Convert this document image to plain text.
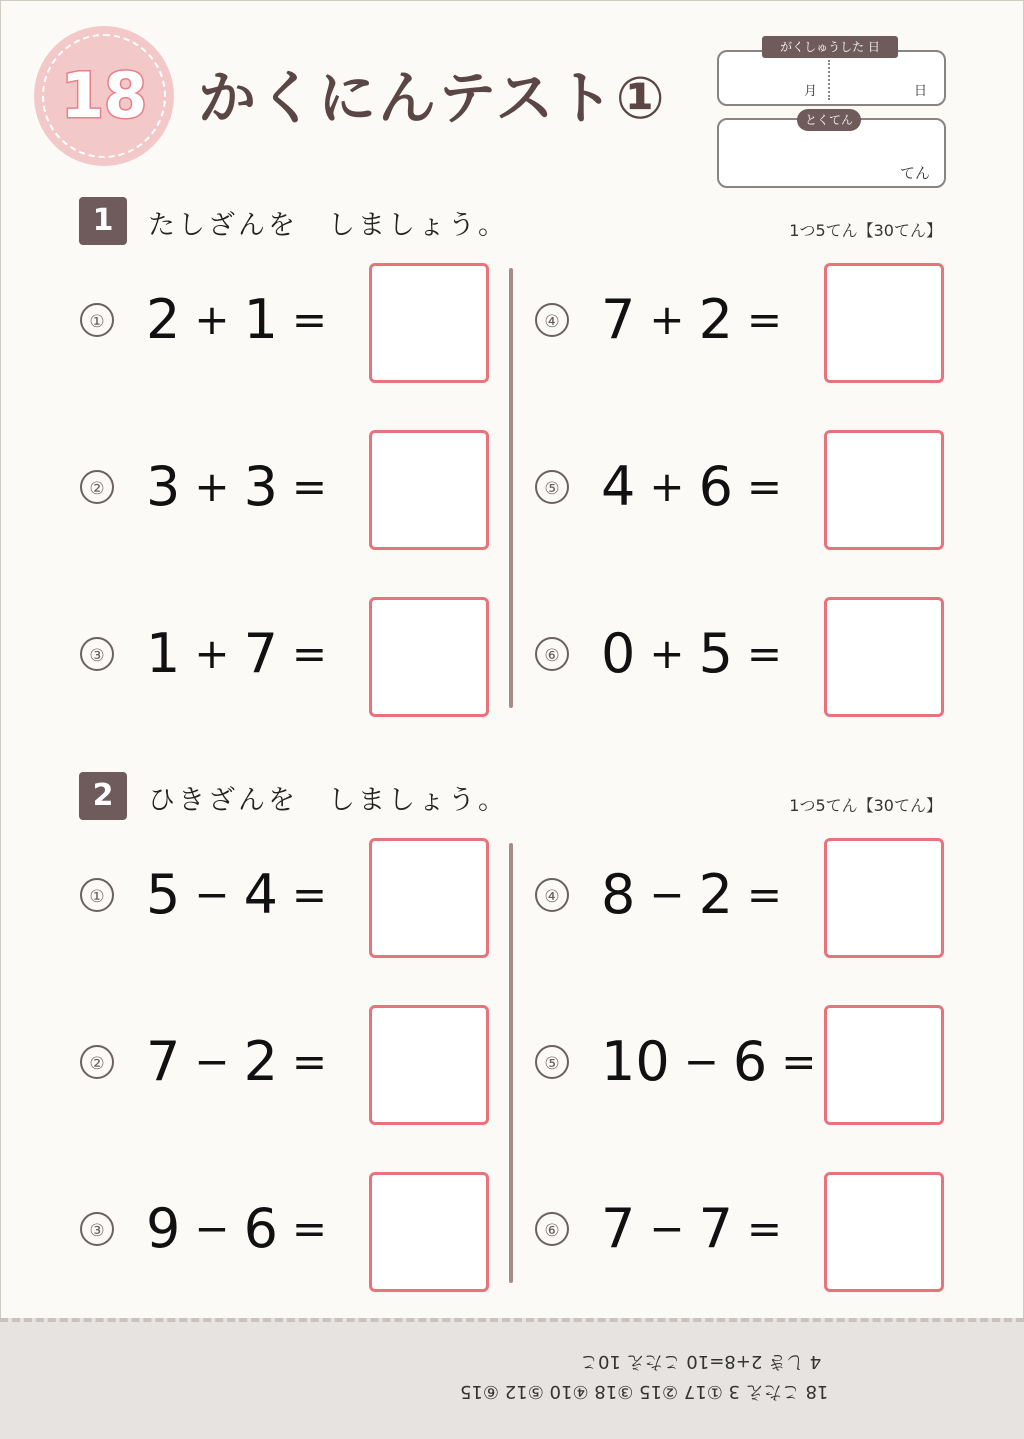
18 かくにんテスト①
がくしゅうした 日
月	日
とくてん
てん
1	たしざんを　しましょう。	1つ5てん【30てん】
① 2 + 1 =
② 3 + 3 =
③ 1 + 7 =
④ 7 + 2 =
⑤ 4 + 6 =
⑥ 0 + 5 =
2	ひきざんを　しましょう。	1つ5てん【30てん】
① 5 − 4 =
② 7 − 2 =
③ 9 − 6 =
④ 8 − 2 =
⑤ 10 − 6 =
⑥ 7 − 7 =
4 しき 2+8=10 こたえ 10こ
18 こたえ 3 ①17 ②15 ③18 ④10 ⑤12 ⑥15
